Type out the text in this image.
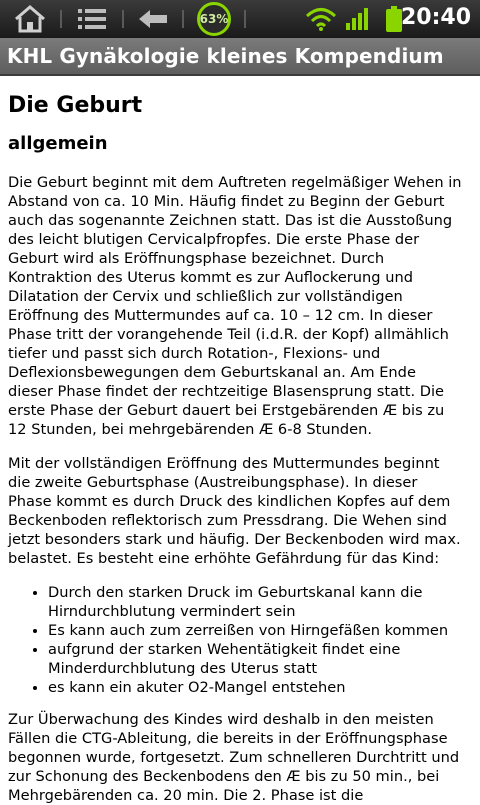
63%	20:40
KHL Gynäkologie kleines Kompendium
Die Geburt
allgemein

Die Geburt beginnt mit dem Auftreten regelmäßiger Wehen in Abstand von ca. 10 Min. Häufig findet zu Beginn der Geburt auch das sogenannte Zeichnen statt. Das ist die Ausstoßung des leicht blutigen Cervicalpfropfes. Die erste Phase der Geburt wird als Eröffnungsphase bezeichnet. Durch Kontraktion des Uterus kommt es zur Auflockerung und Dilatation der Cervix und schließlich zur vollständigen Eröffnung des Muttermundes auf ca. 10 – 12 cm. In dieser Phase tritt der vorangehende Teil (i.d.R. der Kopf) allmählich tiefer und passt sich durch Rotation-, Flexions- und Deflexionsbewegungen dem Geburtskanal an. Am Ende dieser Phase findet der rechtzeitige Blasensprung statt. Die erste Phase der Geburt dauert bei Erstgebärenden Æ bis zu 12 Stunden, bei mehrgebärenden Æ 6-8 Stunden.

Mit der vollständigen Eröffnung des Muttermundes beginnt die zweite Geburtsphase (Austreibungsphase). In dieser Phase kommt es durch Druck des kindlichen Kopfes auf dem Beckenboden reflektorisch zum Pressdrang. Die Wehen sind jetzt besonders stark und häufig. Der Beckenboden wird max. belastet. Es besteht eine erhöhte Gefährdung für das Kind:

• Durch den starken Druck im Geburtskanal kann die Hirndurchblutung vermindert sein
• Es kann auch zum zerreißen von Hirngefäßen kommen
• aufgrund der starken Wehentätigkeit findet eine Minderdurchblutung des Uterus statt
• es kann ein akuter O2-Mangel entstehen

Zur Überwachung des Kindes wird deshalb in den meisten Fällen die CTG-Ableitung, die bereits in der Eröffnungsphase begonnen wurde, fortgesetzt. Zum schnelleren Durchtritt und zur Schonung des Beckenbodens den Æ bis zu 50 min., bei Mehrgebärenden ca. 20 min. Die 2. Phase ist die
